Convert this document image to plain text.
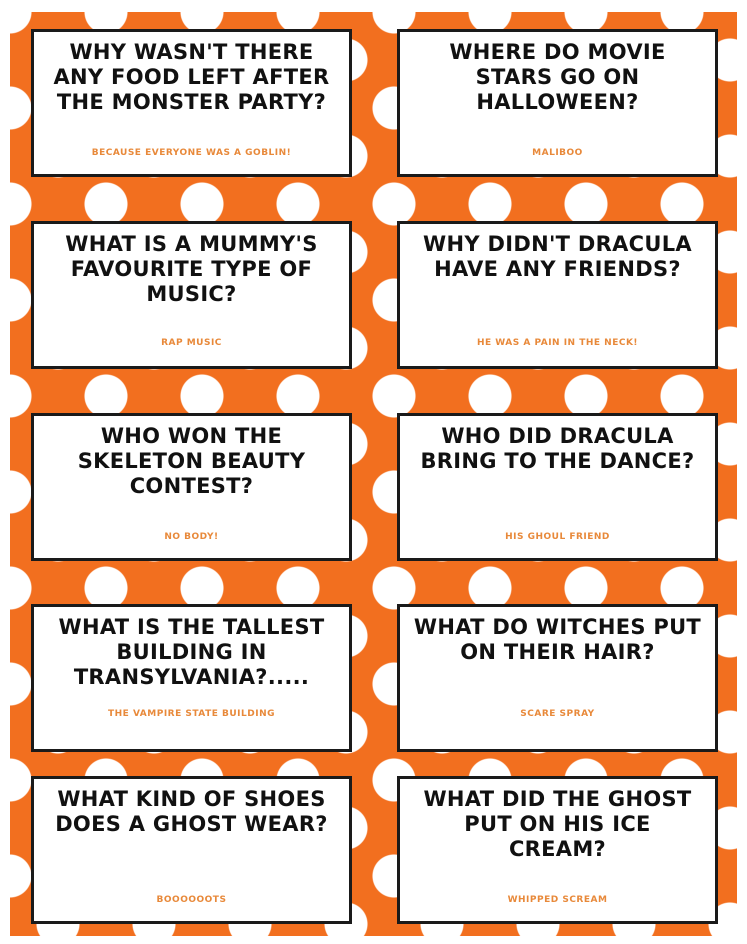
WHY WASN'T THERE
ANY FOOD LEFT AFTER
THE MONSTER PARTY?
BECAUSE EVERYONE WAS A GOBLIN!
WHERE DO MOVIE
STARS GO ON
HALLOWEEN?
MALIBOO
WHAT IS A MUMMY'S
FAVOURITE TYPE OF
MUSIC?
RAP MUSIC
WHY DIDN'T DRACULA
HAVE ANY FRIENDS?
HE WAS A PAIN IN THE NECK!
WHO WON THE
SKELETON BEAUTY
CONTEST?
NO BODY!
WHO DID DRACULA
BRING TO THE DANCE?
HIS GHOUL FRIEND
WHAT IS THE TALLEST
BUILDING IN
TRANSYLVANIA?.....
THE VAMPIRE STATE BUILDING
WHAT DO WITCHES PUT
ON THEIR HAIR?
SCARE SPRAY
WHAT KIND OF SHOES
DOES A GHOST WEAR?
BOOOOOOTS
WHAT DID THE GHOST
PUT ON HIS ICE
CREAM?
WHIPPED SCREAM
